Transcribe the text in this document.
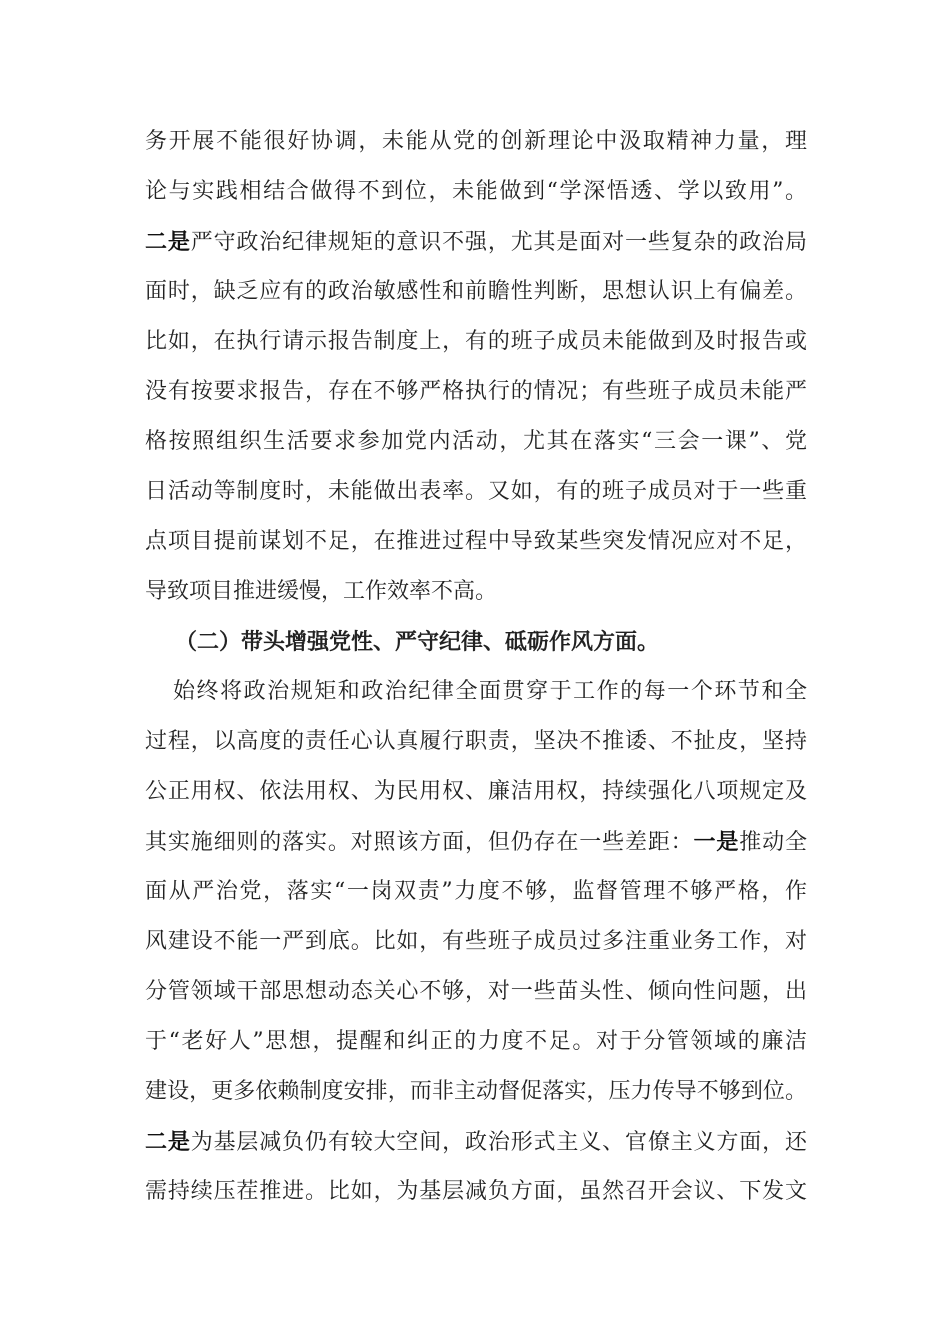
务开展不能很好协调，未能从党的创新理论中汲取精神力量，理
论与实践相结合做得不到位，未能做到“学深悟透、学以致用”。
二是严守政治纪律规矩的意识不强，尤其是面对一些复杂的政治局
面时，缺乏应有的政治敏感性和前瞻性判断，思想认识上有偏差。
比如，在执行请示报告制度上，有的班子成员未能做到及时报告或
没有按要求报告，存在不够严格执行的情况；有些班子成员未能严
格按照组织生活要求参加党内活动，尤其在落实“三会一课”、党
日活动等制度时，未能做出表率。又如，有的班子成员对于一些重
点项目提前谋划不足，在推进过程中导致某些突发情况应对不足，
导致项目推进缓慢，工作效率不高。
（二）带头增强党性、严守纪律、砥砺作风方面。
始终将政治规矩和政治纪律全面贯穿于工作的每一个环节和全
过程，以高度的责任心认真履行职责，坚决不推诿、不扯皮，坚持
公正用权、依法用权、为民用权、廉洁用权，持续强化八项规定及
其实施细则的落实。对照该方面，但仍存在一些差距：一是推动全
面从严治党，落实“一岗双责”力度不够，监督管理不够严格，作
风建设不能一严到底。比如，有些班子成员过多注重业务工作，对
分管领域干部思想动态关心不够，对一些苗头性、倾向性问题，出
于“老好人”思想，提醒和纠正的力度不足。对于分管领域的廉洁
建设，更多依赖制度安排，而非主动督促落实，压力传导不够到位。
二是为基层减负仍有较大空间，政治形式主义、官僚主义方面，还
需持续压茬推进。比如，为基层减负方面，虽然召开会议、下发文
